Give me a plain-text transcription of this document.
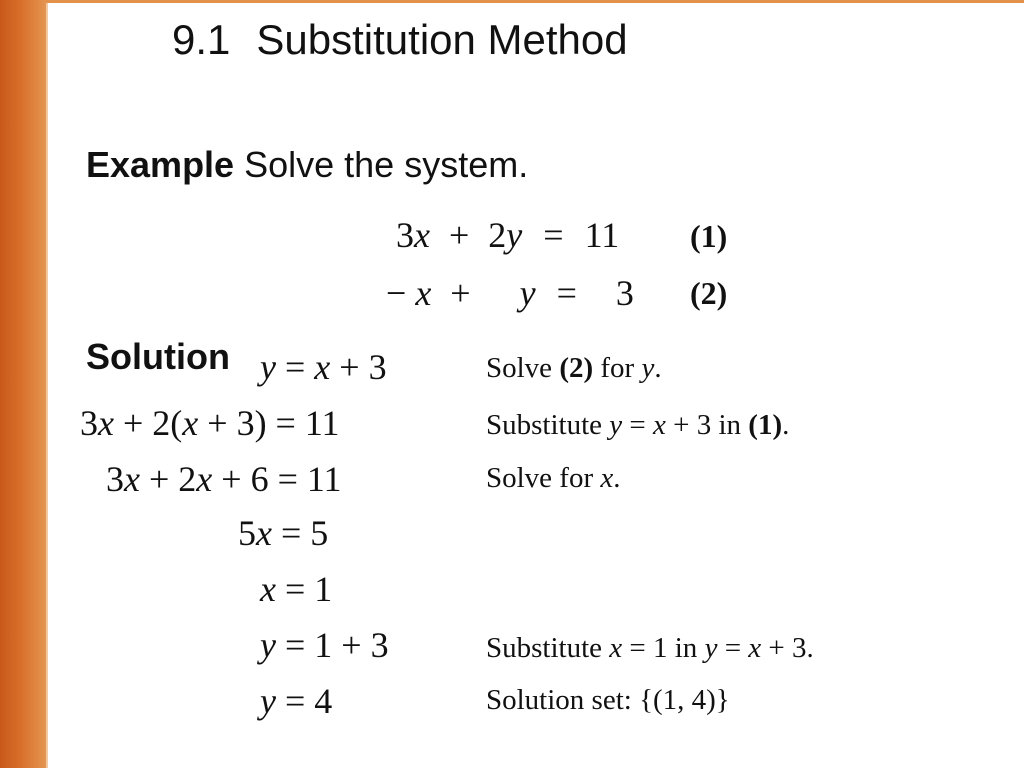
9.1 Substitution Method
Example Solve the system.
3x + 2y = 11 (1)
− x + y = 3 (2)
Solution y = x + 3
3x + 2(x + 3) = 11
3x + 2x + 6 = 11
5x = 5
x = 1
y = 1 + 3
y = 4
Solve (2) for y.
Substitute y = x + 3 in (1).
Solve for x.
Substitute x = 1 in y = x + 3.
Solution set: {(1, 4)}
